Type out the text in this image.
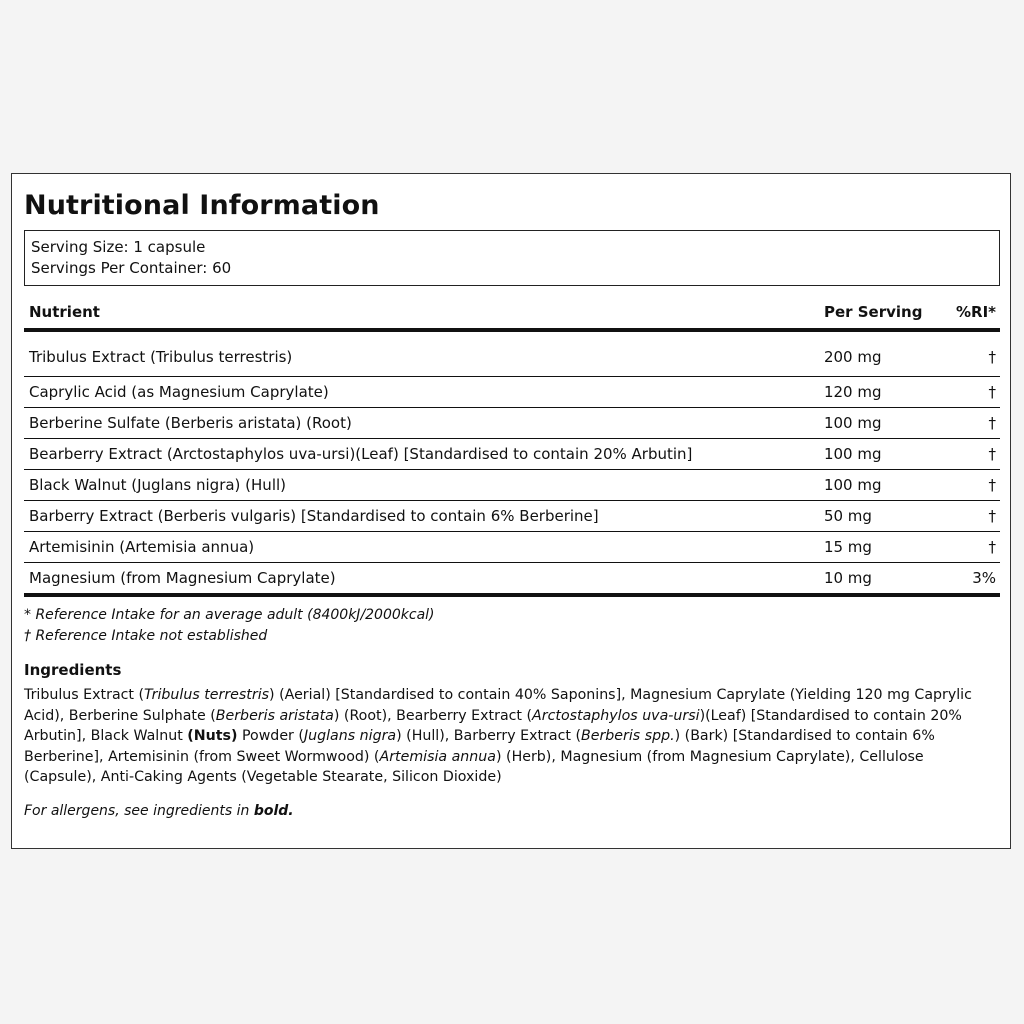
Nutritional Information
Serving Size: 1 capsule
Servings Per Container: 60
Nutrient	Per Serving	%RI*
Tribulus Extract (Tribulus terrestris)	200 mg	†
Caprylic Acid (as Magnesium Caprylate)	120 mg	†
Berberine Sulfate (Berberis aristata) (Root)	100 mg	†
Bearberry Extract (Arctostaphylos uva-ursi)(Leaf) [Standardised to contain 20% Arbutin]	100 mg	†
Black Walnut (Juglans nigra) (Hull)	100 mg	†
Barberry Extract (Berberis vulgaris) [Standardised to contain 6% Berberine]	50 mg	†
Artemisinin (Artemisia annua)	15 mg	†
Magnesium (from Magnesium Caprylate)	10 mg	3%
* Reference Intake for an average adult (8400kJ/2000kcal)
† Reference Intake not established
Ingredients

Tribulus Extract (Tribulus terrestris) (Aerial) [Standardised to contain 40% Saponins], Magnesium Caprylate (Yielding 120 mg Caprylic Acid), Berberine Sulphate (Berberis aristata) (Root), Bearberry Extract (Arctostaphylos uva-ursi)(Leaf) [Standardised to contain 20% Arbutin], Black Walnut (Nuts) Powder (Juglans nigra) (Hull), Barberry Extract (Berberis spp.) (Bark) [Standardised to contain 6% Berberine], Artemisinin (from Sweet Wormwood) (Artemisia annua) (Herb), Magnesium (from Magnesium Caprylate), Cellulose (Capsule), Anti-Caking Agents (Vegetable Stearate, Silicon Dioxide)

For allergens, see ingredients in bold.
